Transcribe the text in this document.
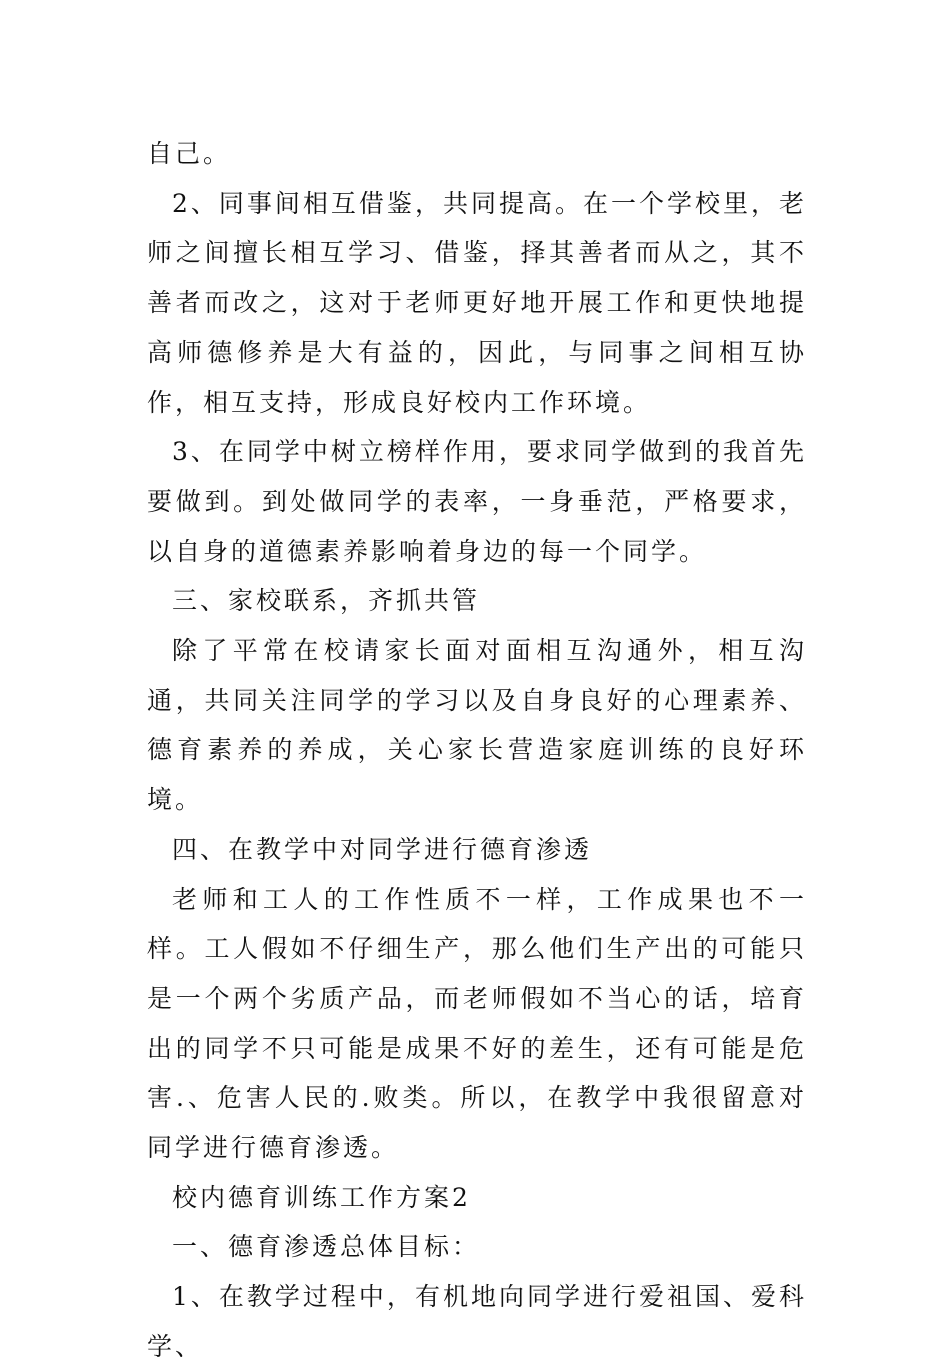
自己。

2、同事间相互借鉴，共同提高。在一个学校里，老师之间擅长相互学习、借鉴，择其善者而从之，其不善者而改之，这对于老师更好地开展工作和更快地提高师德修养是大有益的，因此，与同事之间相互协作，相互支持，形成良好校内工作环境。

3、在同学中树立榜样作用，要求同学做到的我首先要做到。到处做同学的表率，一身垂范，严格要求，以自身的道德素养影响着身边的每一个同学。

三、家校联系，齐抓共管

除了平常在校请家长面对面相互沟通外，相互沟通，共同关注同学的学习以及自身良好的心理素养、德育素养的养成，关心家长营造家庭训练的良好环境。

四、在教学中对同学进行德育渗透

老师和工人的工作性质不一样，工作成果也不一样。工人假如不仔细生产，那么他们生产出的可能只是一个两个劣质产品，而老师假如不当心的话，培育出的同学不只可能是成果不好的差生，还有可能是危害.、危害人民的.败类。所以，在教学中我很留意对同学进行德育渗透。

校内德育训练工作方案2

一、德育渗透总体目标：

1、在教学过程中，有机地向同学进行爱祖国、爱科学、
